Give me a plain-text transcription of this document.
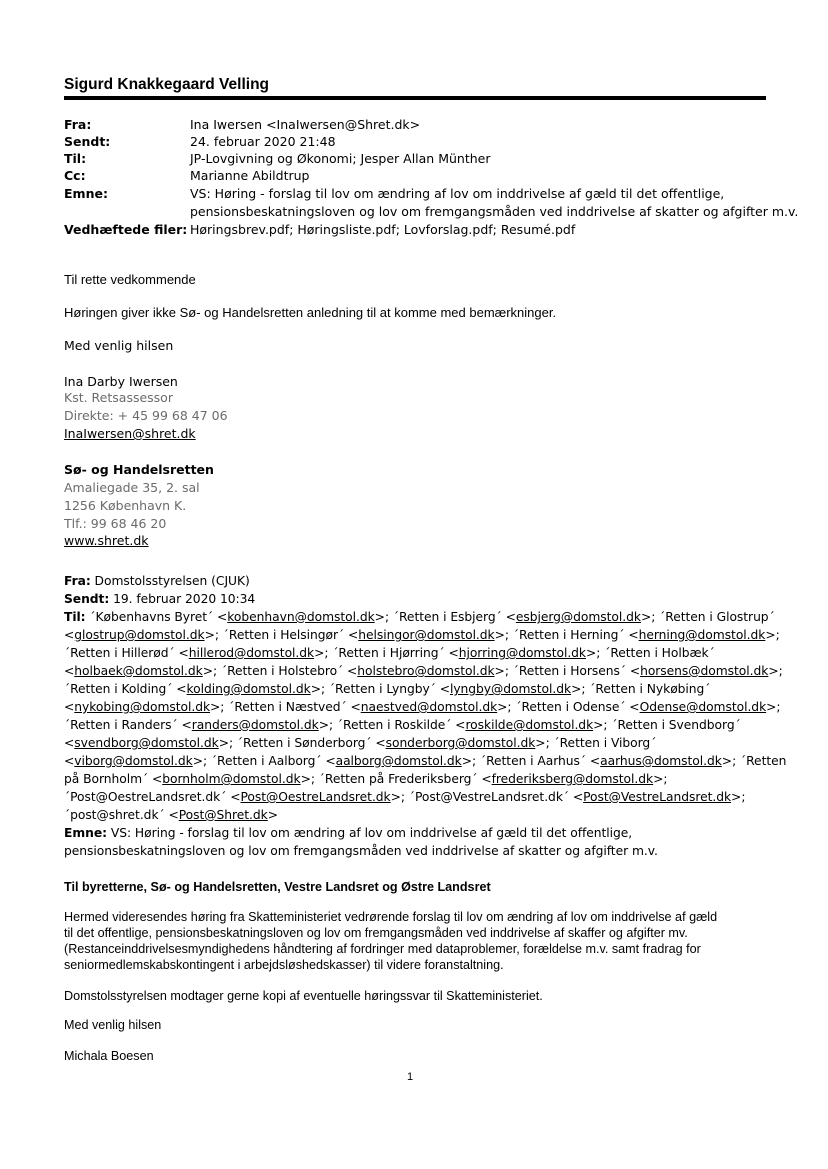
Sigurd Knakkegaard Velling
Fra:	Ina Iwersen <InaIwersen@Shret.dk>
Sendt:	24. februar 2020 21:48
Til:	JP-Lovgivning og Økonomi; Jesper Allan Münther
Cc:	Marianne Abildtrup
Emne:	VS: Høring - forslag til lov om ændring af lov om inddrivelse af gæld til det offentlige,
pensionsbeskatningsloven og lov om fremgangsmåden ved inddrivelse af skatter og afgifter m.v.
Vedhæftede filer: Høringsbrev.pdf; Høringsliste.pdf; Lovforslag.pdf; Resumé.pdf
Til rette vedkommende
Høringen giver ikke Sø- og Handelsretten anledning til at komme med bemærkninger.
Med venlig hilsen
Ina Darby Iwersen
Kst. Retsassessor
Direkte: + 45 99 68 47 06
InaIwersen@shret.dk
Sø- og Handelsretten
Amaliegade 35, 2. sal
1256 København K.
Tlf.: 99 68 46 20
www.shret.dk
Fra: Domstolsstyrelsen (CJUK)
Sendt: 19. februar 2020 10:34
Til: ´Københavns Byret´ <kobenhavn@domstol.dk>; ´Retten i Esbjerg´ <esbjerg@domstol.dk>; ´Retten i Glostrup´
<glostrup@domstol.dk>; ´Retten i Helsingør´ <helsingor@domstol.dk>; ´Retten i Herning´ <herning@domstol.dk>;
´Retten i Hillerød´ <hillerod@domstol.dk>; ´Retten i Hjørring´ <hjorring@domstol.dk>; ´Retten i Holbæk´
<holbaek@domstol.dk>; ´Retten i Holstebro´ <holstebro@domstol.dk>; ´Retten i Horsens´ <horsens@domstol.dk>;
´Retten i Kolding´ <kolding@domstol.dk>; ´Retten i Lyngby´ <lyngby@domstol.dk>; ´Retten i Nykøbing´
<nykobing@domstol.dk>; ´Retten i Næstved´ <naestved@domstol.dk>; ´Retten i Odense´ <Odense@domstol.dk>;
´Retten i Randers´ <randers@domstol.dk>; ´Retten i Roskilde´ <roskilde@domstol.dk>; ´Retten i Svendborg´
<svendborg@domstol.dk>; ´Retten i Sønderborg´ <sonderborg@domstol.dk>; ´Retten i Viborg´
<viborg@domstol.dk>; ´Retten i Aalborg´ <aalborg@domstol.dk>; ´Retten i Aarhus´ <aarhus@domstol.dk>; ´Retten
på Bornholm´ <bornholm@domstol.dk>; ´Retten på Frederiksberg´ <frederiksberg@domstol.dk>;
´Post@OestreLandsret.dk´ <Post@OestreLandsret.dk>; ´Post@VestreLandsret.dk´ <Post@VestreLandsret.dk>;
´post@shret.dk´ <Post@Shret.dk>
Emne: VS: Høring - forslag til lov om ændring af lov om inddrivelse af gæld til det offentlige,
pensionsbeskatningsloven og lov om fremgangsmåden ved inddrivelse af skatter og afgifter m.v.
Til byretterne, Sø- og Handelsretten, Vestre Landsret og Østre Landsret
Hermed videresendes høring fra Skatteministeriet vedrørende forslag til lov om ændring af lov om inddrivelse af gæld
til det offentlige, pensionsbeskatningsloven og lov om fremgangsmåden ved inddrivelse af skaffer og afgifter mv.
(Restanceinddrivelsesmyndighedens håndtering af fordringer med dataproblemer, forældelse m.v. samt fradrag for
seniormedlemskabskontingent i arbejdsløshedskasser) til videre foranstaltning.
Domstolsstyrelsen modtager gerne kopi af eventuelle høringssvar til Skatteministeriet.
Med venlig hilsen
Michala Boesen
1
